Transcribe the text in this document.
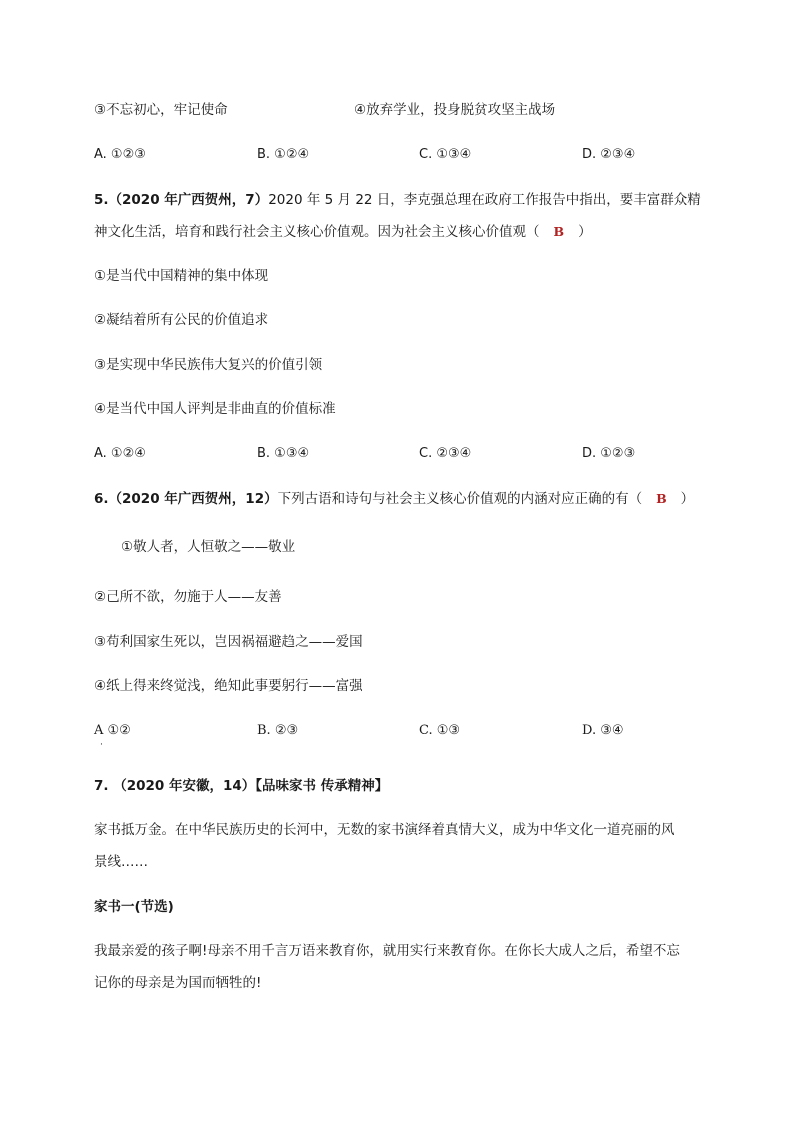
③不忘初心，牢记使命	④放弃学业，投身脱贫攻坚主战场
A. ①②③	B. ①②④	C. ①③④	D. ②③④
5.（2020 年广西贺州，7）2020 年 5 月 22 日，李克强总理在政府工作报告中指出，要丰富群众精
神文化生活，培育和践行社会主义核心价值观。因为社会主义核心价值观（ B ）
①是当代中国精神的集中体现
②凝结着所有公民的价值追求
③是实现中华民族伟大复兴的价值引领
④是当代中国人评判是非曲直的价值标准
A. ①②④	B. ①③④	C. ②③④	D. ①②③
6.（2020 年广西贺州，12）下列古语和诗句与社会主义核心价值观的内涵对应正确的有（ B ）
①敬人者，人恒敬之——敬业
②己所不欲，勿施于人——友善
③苟利国家生死以，岂因祸福避趋之——爱国
④纸上得来终觉浅，绝知此事要躬行——富强
A ①②
·
B. ②③	C. ①③	D. ③④
7. （2020 年安徽，14）【品味家书 传承精神】
家书抵万金。在中华民族历史的长河中，无数的家书演绎着真情大义，成为中华文化一道亮丽的风
景线……
家书一(节选)
我最亲爱的孩子啊!母亲不用千言万语来教育你，就用实行来教育你。在你长大成人之后，希望不忘
记你的母亲是为国而牺牲的!
